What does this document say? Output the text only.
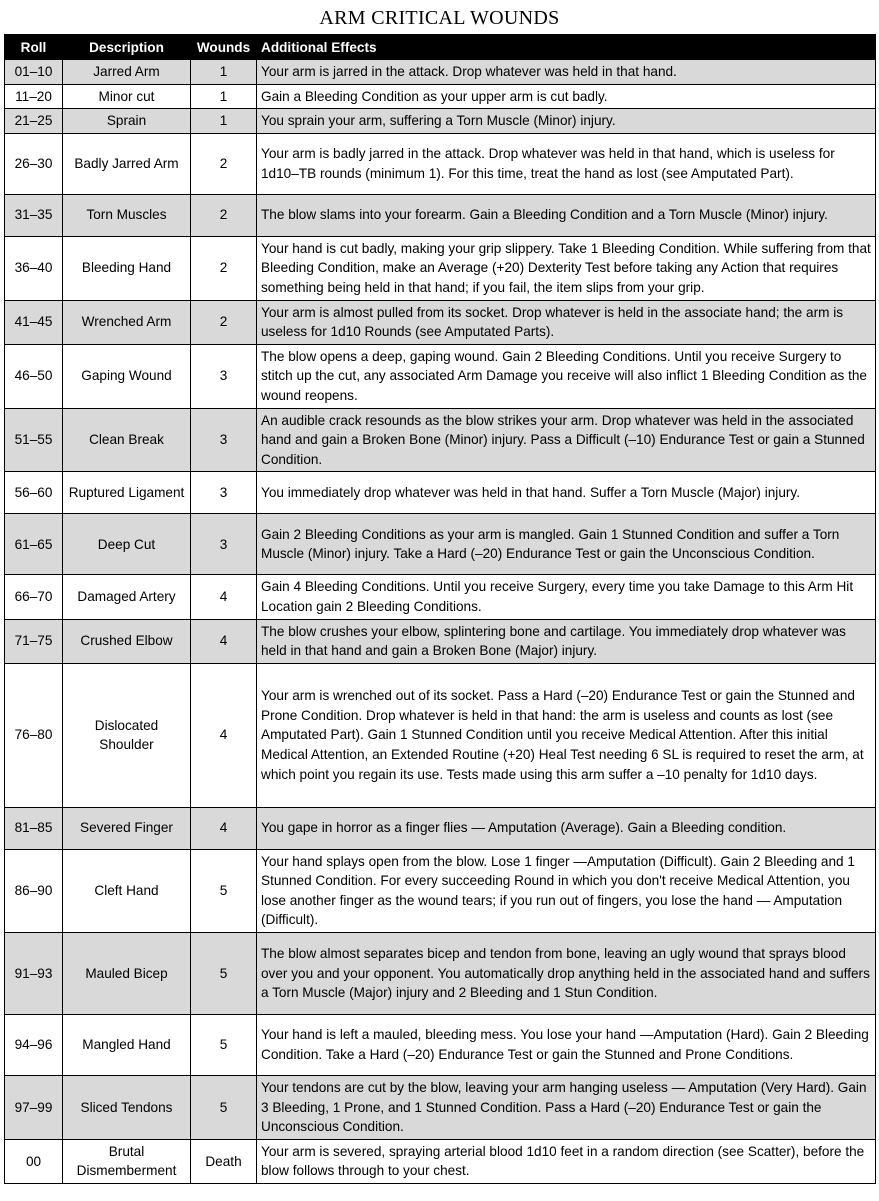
ARM CRITICAL WOUNDS
Roll	Description	Wounds	Additional Effects
01–10	Jarred Arm	1	Your arm is jarred in the attack. Drop whatever was held in that hand.
11–20	Minor cut	1	Gain a Bleeding Condition as your upper arm is cut badly.
21–25	Sprain	1	You sprain your arm, suffering a Torn Muscle (Minor) injury.
26–30	Badly Jarred Arm	2	Your arm is badly jarred in the attack. Drop whatever was held in that hand, which is useless for 1d10–TB rounds (minimum 1). For this time, treat the hand as lost (see Amputated Part).
31–35	Torn Muscles	2	The blow slams into your forearm. Gain a Bleeding Condition and a Torn Muscle (Minor) injury.
36–40	Bleeding Hand	2	Your hand is cut badly, making your grip slippery. Take 1 Bleeding Condition. While suffering from that Bleeding Condition, make an Average (+20) Dexterity Test before taking any Action that requires something being held in that hand; if you fail, the item slips from your grip.
41–45	Wrenched Arm	2	Your arm is almost pulled from its socket. Drop whatever is held in the associate hand; the arm is useless for 1d10 Rounds (see Amputated Parts).
46–50	Gaping Wound	3	The blow opens a deep, gaping wound. Gain 2 Bleeding Conditions. Until you receive Surgery to stitch up the cut, any associated Arm Damage you receive will also inflict 1 Bleeding Condition as the wound reopens.
51–55	Clean Break	3	An audible crack resounds as the blow strikes your arm. Drop whatever was held in the associated hand and gain a Broken Bone (Minor) injury. Pass a Difficult (–10) Endurance Test or gain a Stunned Condition.
56–60	Ruptured Ligament	3	You immediately drop whatever was held in that hand. Suffer a Torn Muscle (Major) injury.
61–65	Deep Cut	3	Gain 2 Bleeding Conditions as your arm is mangled. Gain 1 Stunned Condition and suffer a Torn Muscle (Minor) injury. Take a Hard (–20) Endurance Test or gain the Unconscious Condition.
66–70	Damaged Artery	4	Gain 4 Bleeding Conditions. Until you receive Surgery, every time you take Damage to this Arm Hit Location gain 2 Bleeding Conditions.
71–75	Crushed Elbow	4	The blow crushes your elbow, splintering bone and cartilage. You immediately drop whatever was held in that hand and gain a Broken Bone (Major) injury.
76–80	Dislocated Shoulder	4	Your arm is wrenched out of its socket. Pass a Hard (–20) Endurance Test or gain the Stunned and Prone Condition. Drop whatever is held in that hand: the arm is useless and counts as lost (see Amputated Part). Gain 1 Stunned Condition until you receive Medical Attention. After this initial Medical Attention, an Extended Routine (+20) Heal Test needing 6 SL is required to reset the arm, at which point you regain its use. Tests made using this arm suffer a –10 penalty for 1d10 days.
81–85	Severed Finger	4	You gape in horror as a finger flies — Amputation (Average). Gain a Bleeding condition.
86–90	Cleft Hand	5	Your hand splays open from the blow. Lose 1 finger —Amputation (Difficult). Gain 2 Bleeding and 1 Stunned Condition. For every succeeding Round in which you don't receive Medical Attention, you lose another finger as the wound tears; if you run out of fingers, you lose the hand — Amputation (Difficult).
91–93	Mauled Bicep	5	The blow almost separates bicep and tendon from bone, leaving an ugly wound that sprays blood over you and your opponent. You automatically drop anything held in the associated hand and suffers a Torn Muscle (Major) injury and 2 Bleeding and 1 Stun Condition.
94–96	Mangled Hand	5	Your hand is left a mauled, bleeding mess. You lose your hand —Amputation (Hard). Gain 2 Bleeding Condition. Take a Hard (–20) Endurance Test or gain the Stunned and Prone Conditions.
97–99	Sliced Tendons	5	Your tendons are cut by the blow, leaving your arm hanging useless — Amputation (Very Hard). Gain 3 Bleeding, 1 Prone, and 1 Stunned Condition. Pass a Hard (–20) Endurance Test or gain the Unconscious Condition.
00	Brutal Dismemberment	Death	Your arm is severed, spraying arterial blood 1d10 feet in a random direction (see Scatter), before the blow follows through to your chest.
